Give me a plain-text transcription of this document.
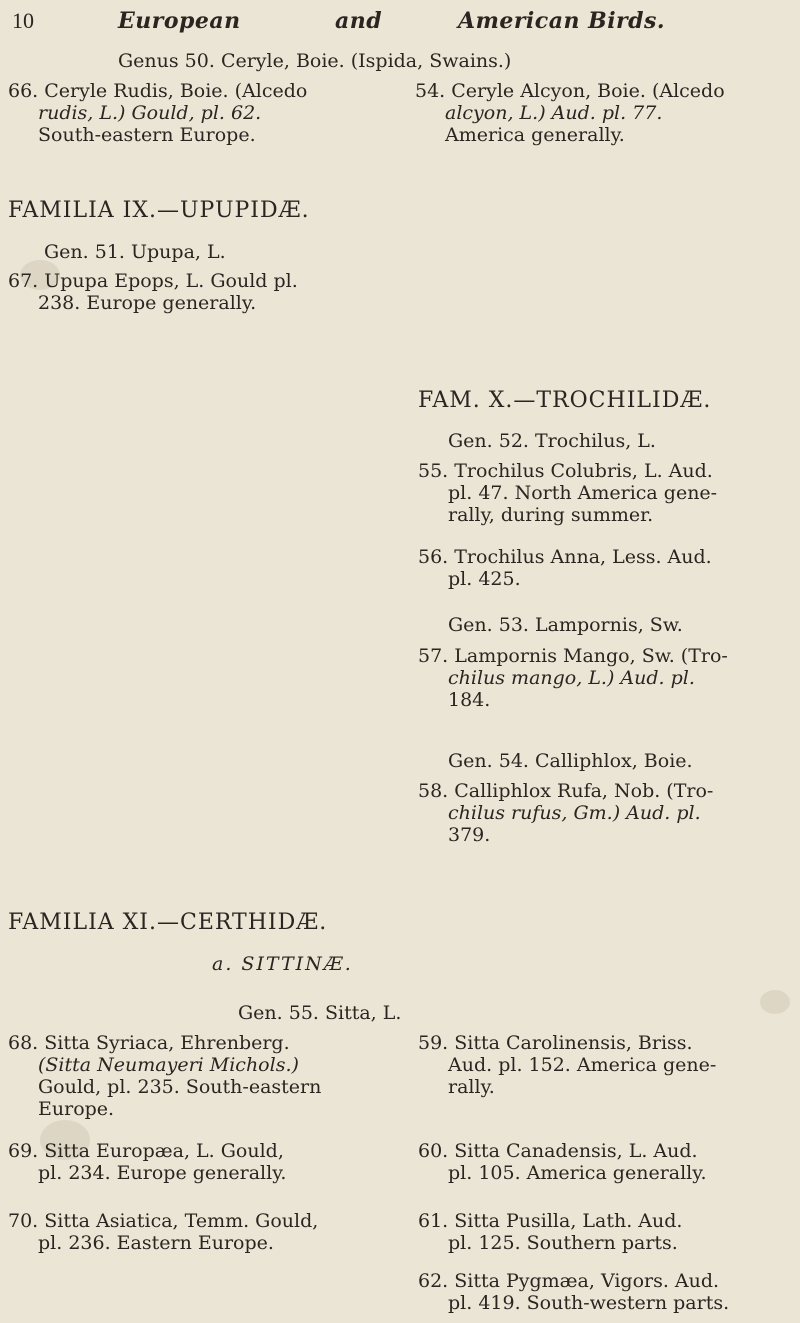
10	European	and	American Birds.
Genus 50. Ceryle, Boie. (Ispida, Swains.)
66. Ceryle Rudis, Boie. (Alcedo
rudis, L.) Gould, pl. 62.
South-eastern Europe.
FAMILIA IX.—UPUPIDÆ.
Gen. 51. Upupa, L.
67. Upupa Epops, L. Gould pl.
238. Europe generally.
54. Ceryle Alcyon, Boie. (Alcedo
alcyon, L.) Aud. pl. 77.
America generally.
FAM. X.—TROCHILIDÆ.
Gen. 52. Trochilus, L.
55. Trochilus Colubris, L. Aud.
pl. 47. North America gene-
rally, during summer.
56. Trochilus Anna, Less. Aud.
pl. 425.
Gen. 53. Lampornis, Sw.
57. Lampornis Mango, Sw. (Tro-
chilus mango, L.) Aud. pl.
184.
Gen. 54. Calliphlox, Boie.
58. Calliphlox Rufa, Nob. (Tro-
chilus rufus, Gm.) Aud. pl.
379.
FAMILIA XI.—CERTHIDÆ.
a. SITTINÆ.
Gen. 55. Sitta, L.
68. Sitta Syriaca, Ehrenberg.
(Sitta Neumayeri Michols.)
Gould, pl. 235. South-eastern
Europe.
69. Sitta Europæa, L. Gould,
pl. 234. Europe generally.
70. Sitta Asiatica, Temm. Gould,
pl. 236. Eastern Europe.
59. Sitta Carolinensis, Briss.
Aud. pl. 152. America gene-
rally.
60. Sitta Canadensis, L. Aud.
pl. 105. America generally.
61. Sitta Pusilla, Lath. Aud.
pl. 125. Southern parts.
62. Sitta Pygmæa, Vigors. Aud.
pl. 419. South-western parts.
